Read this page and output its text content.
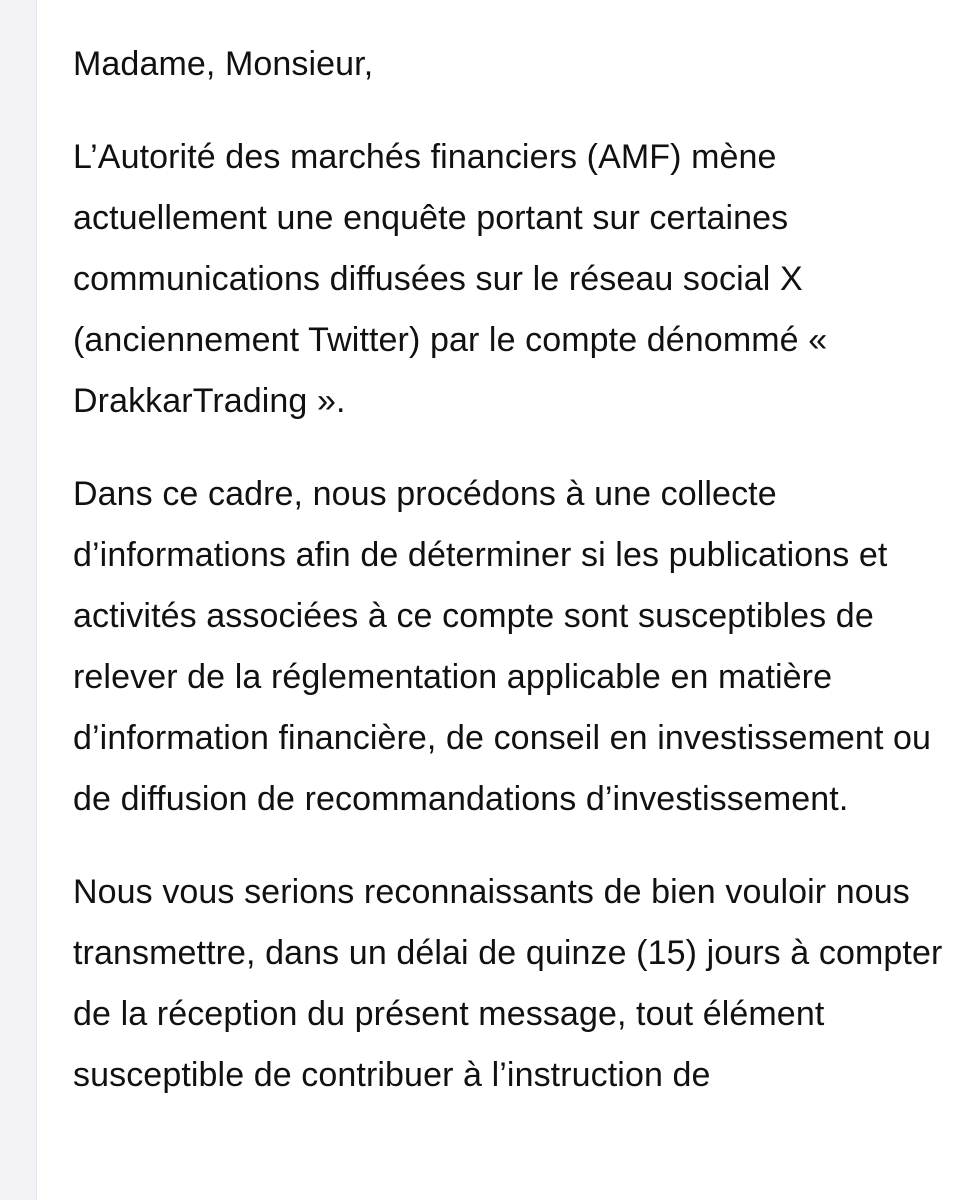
Madame, Monsieur,

L’Autorité des marchés financiers (AMF) mène actuellement une enquête portant sur certaines communications diffusées sur le réseau social X (anciennement Twitter) par le compte dénommé « DrakkarTrading ».

Dans ce cadre, nous procédons à une collecte d’informations afin de déterminer si les publications et activités associées à ce compte sont susceptibles de relever de la réglementation applicable en matière d’information financière, de conseil en investissement ou de diffusion de recommandations d’investissement.

Nous vous serions reconnaissants de bien vouloir nous transmettre, dans un délai de quinze (15) jours à compter de la réception du présent message, tout élément susceptible de contribuer à l’instruction de
